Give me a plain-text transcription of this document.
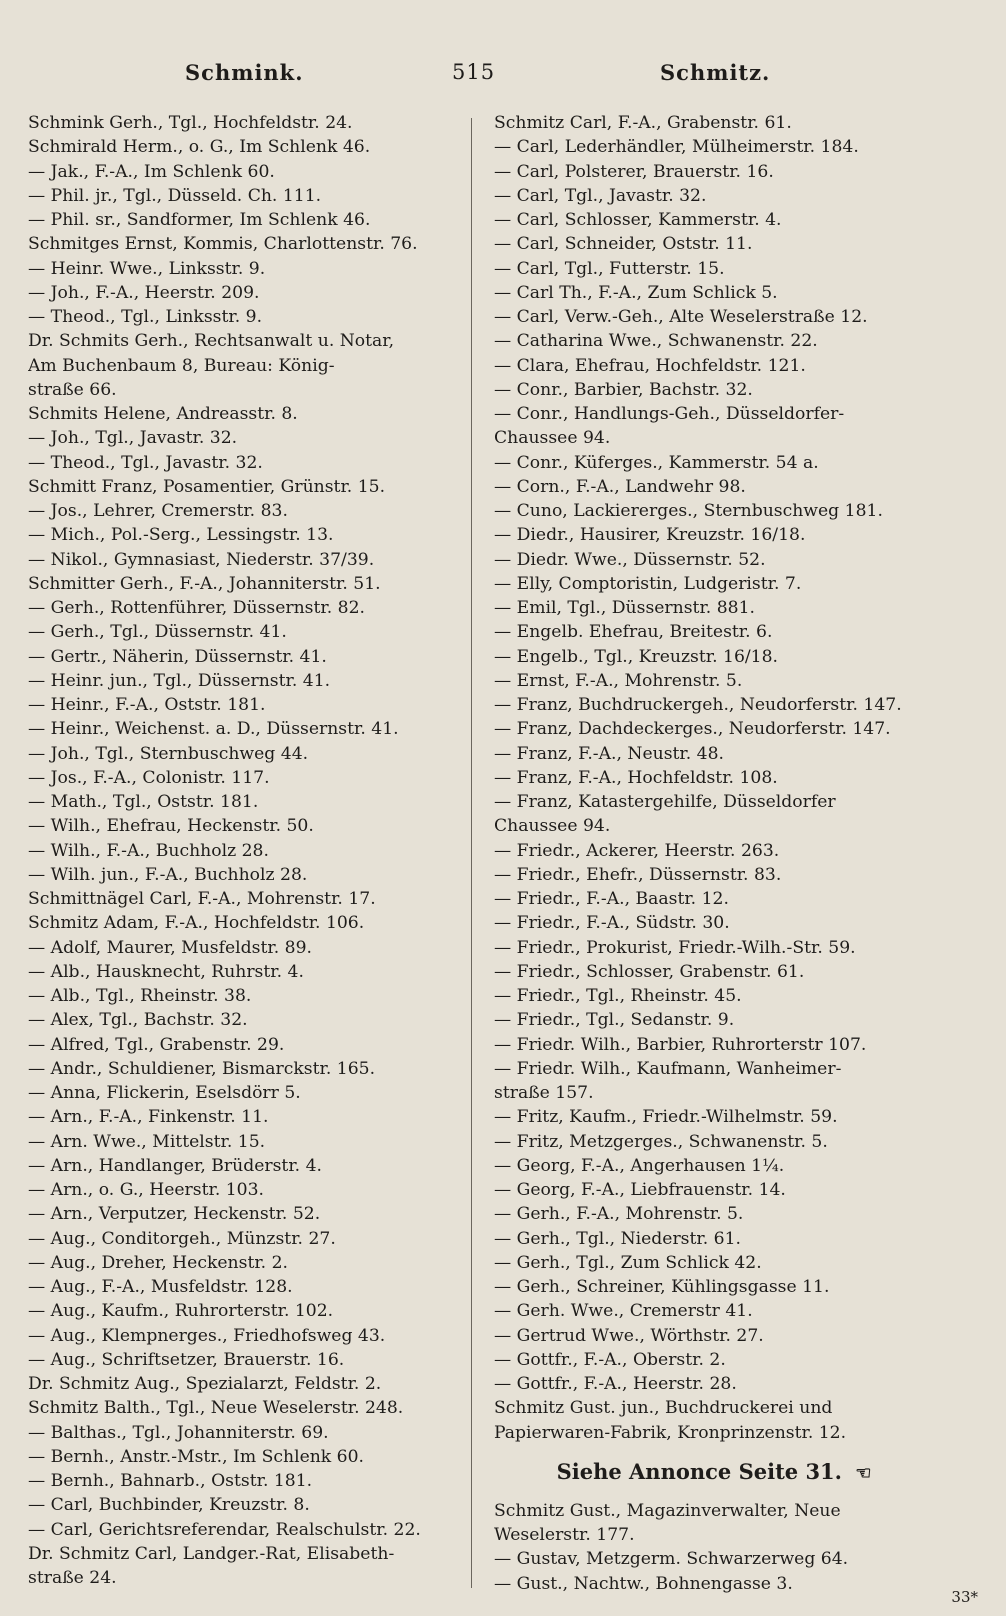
Schmink.	515	Schmitz.
Schmink Gerh., Tgl., Hochfeldstr. 24.
Schmirald Herm., o. G., Im Schlenk 46.
— Jak., F.-A., Im Schlenk 60.
— Phil. jr., Tgl., Düsseld. Ch. 111.
— Phil. sr., Sandformer, Im Schlenk 46.
Schmitges Ernst, Kommis, Charlottenstr. 76.
— Heinr. Wwe., Linksstr. 9.
— Joh., F.-A., Heerstr. 209.
— Theod., Tgl., Linksstr. 9.
Dr. Schmits Gerh., Rechtsanwalt u. Notar,
Am Buchenbaum 8, Bureau: König-
straße 66.
Schmits Helene, Andreasstr. 8.
— Joh., Tgl., Javastr. 32.
— Theod., Tgl., Javastr. 32.
Schmitt Franz, Posamentier, Grünstr. 15.
— Jos., Lehrer, Cremerstr. 83.
— Mich., Pol.-Serg., Lessingstr. 13.
— Nikol., Gymnasiast, Niederstr. 37/39.
Schmitter Gerh., F.-A., Johanniterstr. 51.
— Gerh., Rottenführer, Düssernstr. 82.
— Gerh., Tgl., Düssernstr. 41.
— Gertr., Näherin, Düssernstr. 41.
— Heinr. jun., Tgl., Düssernstr. 41.
— Heinr., F.-A., Oststr. 181.
— Heinr., Weichenst. a. D., Düssernstr. 41.
— Joh., Tgl., Sternbuschweg 44.
— Jos., F.-A., Colonistr. 117.
— Math., Tgl., Oststr. 181.
— Wilh., Ehefrau, Heckenstr. 50.
— Wilh., F.-A., Buchholz 28.
— Wilh. jun., F.-A., Buchholz 28.
Schmittnägel Carl, F.-A., Mohrenstr. 17.
Schmitz Adam, F.-A., Hochfeldstr. 106.
— Adolf, Maurer, Musfeldstr. 89.
— Alb., Hausknecht, Ruhrstr. 4.
— Alb., Tgl., Rheinstr. 38.
— Alex, Tgl., Bachstr. 32.
— Alfred, Tgl., Grabenstr. 29.
— Andr., Schuldiener, Bismarckstr. 165.
— Anna, Flickerin, Eselsdörr 5.
— Arn., F.-A., Finkenstr. 11.
— Arn. Wwe., Mittelstr. 15.
— Arn., Handlanger, Brüderstr. 4.
— Arn., o. G., Heerstr. 103.
— Arn., Verputzer, Heckenstr. 52.
— Aug., Conditorgeh., Münzstr. 27.
— Aug., Dreher, Heckenstr. 2.
— Aug., F.-A., Musfeldstr. 128.
— Aug., Kaufm., Ruhrorterstr. 102.
— Aug., Klempnerges., Friedhofsweg 43.
— Aug., Schriftsetzer, Brauerstr. 16.
Dr. Schmitz Aug., Spezialarzt, Feldstr. 2.
Schmitz Balth., Tgl., Neue Weselerstr. 248.
— Balthas., Tgl., Johanniterstr. 69.
— Bernh., Anstr.-Mstr., Im Schlenk 60.
— Bernh., Bahnarb., Oststr. 181.
— Carl, Buchbinder, Kreuzstr. 8.
— Carl, Gerichtsreferendar, Realschulstr. 22.
Dr. Schmitz Carl, Landger.-Rat, Elisabeth-
straße 24.
Schmitz Carl, F.-A., Grabenstr. 61.
— Carl, Lederhändler, Mülheimerstr. 184.
— Carl, Polsterer, Brauerstr. 16.
— Carl, Tgl., Javastr. 32.
— Carl, Schlosser, Kammerstr. 4.
— Carl, Schneider, Oststr. 11.
— Carl, Tgl., Futterstr. 15.
— Carl Th., F.-A., Zum Schlick 5.
— Carl, Verw.-Geh., Alte Weselerstraße 12.
— Catharina Wwe., Schwanenstr. 22.
— Clara, Ehefrau, Hochfeldstr. 121.
— Conr., Barbier, Bachstr. 32.
— Conr., Handlungs-Geh., Düsseldorfer-
Chaussee 94.
— Conr., Küferges., Kammerstr. 54 a.
— Corn., F.-A., Landwehr 98.
— Cuno, Lackiererges., Sternbuschweg 181.
— Diedr., Hausirer, Kreuzstr. 16/18.
— Diedr. Wwe., Düssernstr. 52.
— Elly, Comptoristin, Ludgeristr. 7.
— Emil, Tgl., Düssernstr. 881.
— Engelb. Ehefrau, Breitestr. 6.
— Engelb., Tgl., Kreuzstr. 16/18.
— Ernst, F.-A., Mohrenstr. 5.
— Franz, Buchdruckergeh., Neudorferstr. 147.
— Franz, Dachdeckerges., Neudorferstr. 147.
— Franz, F.-A., Neustr. 48.
— Franz, F.-A., Hochfeldstr. 108.
— Franz, Katastergehilfe, Düsseldorfer
Chaussee 94.
— Friedr., Ackerer, Heerstr. 263.
— Friedr., Ehefr., Düssernstr. 83.
— Friedr., F.-A., Baastr. 12.
— Friedr., F.-A., Südstr. 30.
— Friedr., Prokurist, Friedr.-Wilh.-Str. 59.
— Friedr., Schlosser, Grabenstr. 61.
— Friedr., Tgl., Rheinstr. 45.
— Friedr., Tgl., Sedanstr. 9.
— Friedr. Wilh., Barbier, Ruhrorterstr 107.
— Friedr. Wilh., Kaufmann, Wanheimer-
straße 157.
— Fritz, Kaufm., Friedr.-Wilhelmstr. 59.
— Fritz, Metzgerges., Schwanenstr. 5.
— Georg, F.-A., Angerhausen 1¼.
— Georg, F.-A., Liebfrauenstr. 14.
— Gerh., F.-A., Mohrenstr. 5.
— Gerh., Tgl., Niederstr. 61.
— Gerh., Tgl., Zum Schlick 42.
— Gerh., Schreiner, Kühlingsgasse 11.
— Gerh. Wwe., Cremerstr 41.
— Gertrud Wwe., Wörthstr. 27.
— Gottfr., F.-A., Oberstr. 2.
— Gottfr., F.-A., Heerstr. 28.
Schmitz Gust. jun., Buchdruckerei und
Papierwaren-Fabrik, Kronprinzenstr. 12.
Siehe Annonce Seite 31. ☜
Schmitz Gust., Magazinverwalter, Neue
Weselerstr. 177.
— Gustav, Metzgerm. Schwarzerweg 64.
— Gust., Nachtw., Bohnengasse 3.
33*
